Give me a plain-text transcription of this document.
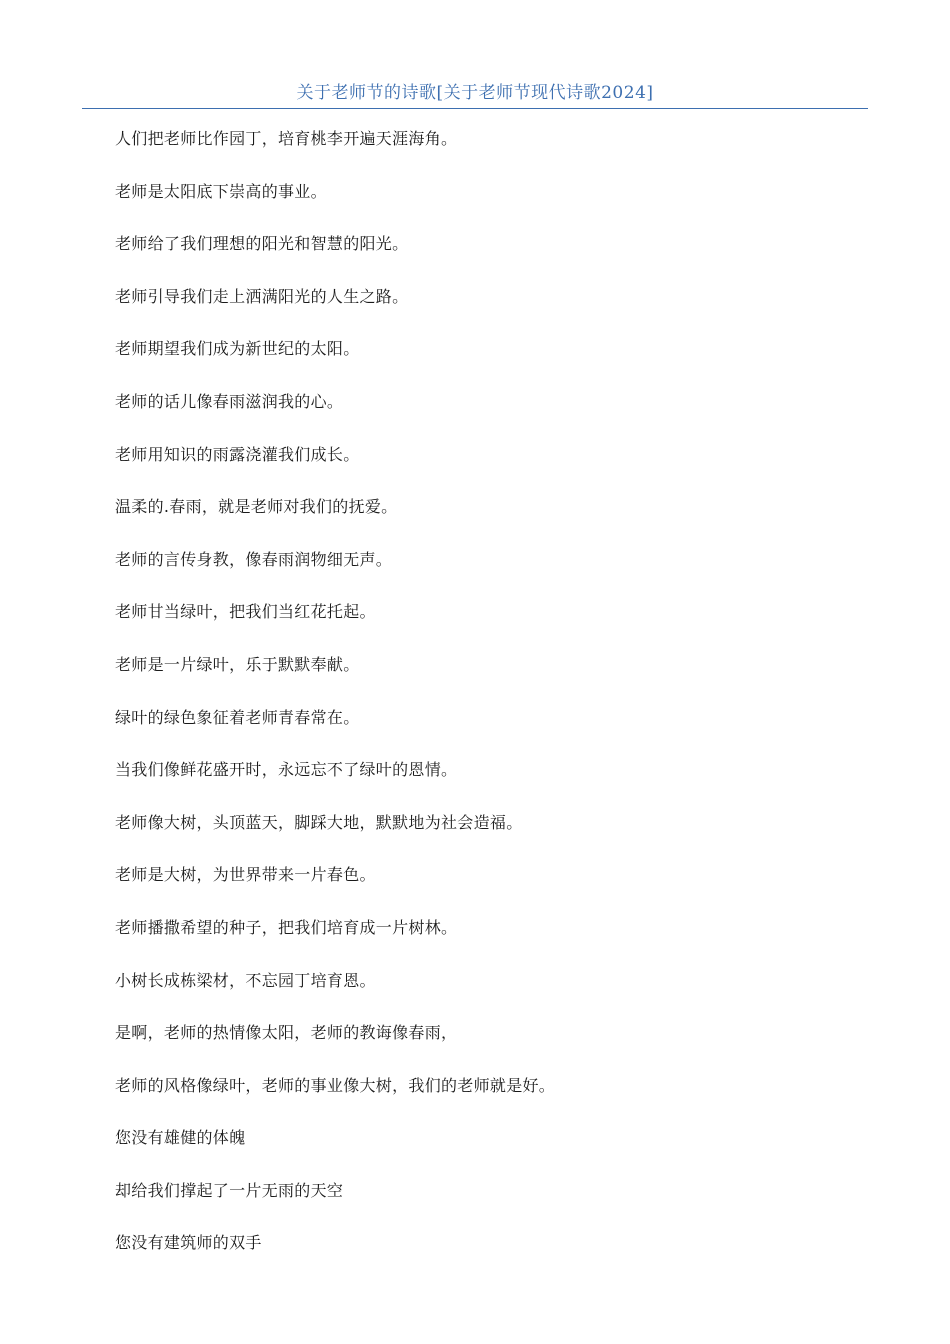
关于老师节的诗歌[关于老师节现代诗歌2024]
人们把老师比作园丁，培育桃李开遍天涯海角。
老师是太阳底下崇高的事业。
老师给了我们理想的阳光和智慧的阳光。
老师引导我们走上洒满阳光的人生之路。
老师期望我们成为新世纪的太阳。
老师的话儿像春雨滋润我的心。
老师用知识的雨露浇灌我们成长。
温柔的.春雨，就是老师对我们的抚爱。
老师的言传身教，像春雨润物细无声。
老师甘当绿叶，把我们当红花托起。
老师是一片绿叶，乐于默默奉献。
绿叶的绿色象征着老师青春常在。
当我们像鲜花盛开时，永远忘不了绿叶的恩情。
老师像大树，头顶蓝天，脚踩大地，默默地为社会造福。
老师是大树，为世界带来一片春色。
老师播撒希望的种子，把我们培育成一片树林。
小树长成栋梁材，不忘园丁培育恩。
是啊，老师的热情像太阳，老师的教诲像春雨，
老师的风格像绿叶，老师的事业像大树，我们的老师就是好。
您没有雄健的体魄
却给我们撑起了一片无雨的天空
您没有建筑师的双手
